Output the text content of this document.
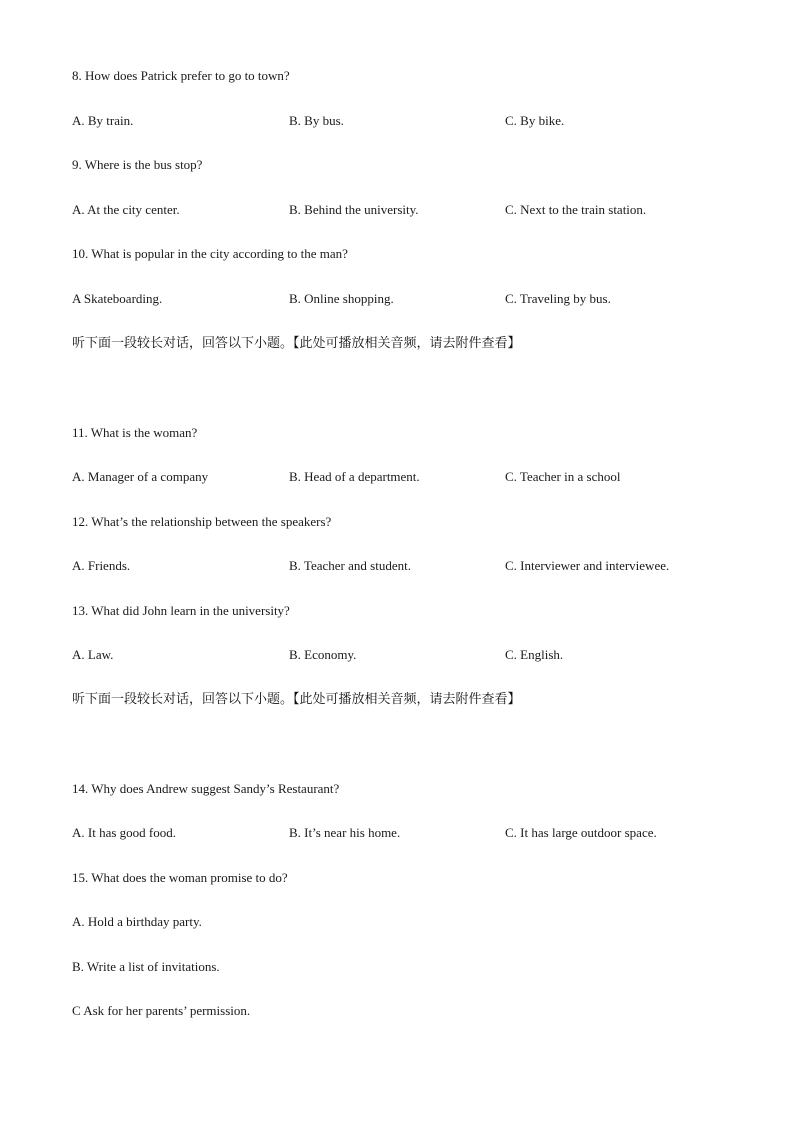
8. How does Patrick prefer to go to town?
A. By train.	B. By bus.	C. By bike.
9. Where is the bus stop?
A. At the city center.	B. Behind the university.	C. Next to the train station.
10. What is popular in the city according to the man?
A Skateboarding.	B. Online shopping.	C. Traveling by bus.
听下面一段较长对话，回答以下小题。【此处可播放相关音频，请去附件查看】
11. What is the woman?
A. Manager of a company	B. Head of a department.	C. Teacher in a school
12. What’s the relationship between the speakers?
A. Friends.	B. Teacher and student.	C. Interviewer and interviewee.
13. What did John learn in the university?
A. Law.	B. Economy.	C. English.
听下面一段较长对话，回答以下小题。【此处可播放相关音频，请去附件查看】
14. Why does Andrew suggest Sandy’s Restaurant?
A. It has good food.	B. It’s near his home.	C. It has large outdoor space.
15. What does the woman promise to do?
A. Hold a birthday party.
B. Write a list of invitations.
C Ask for her parents’ permission.
